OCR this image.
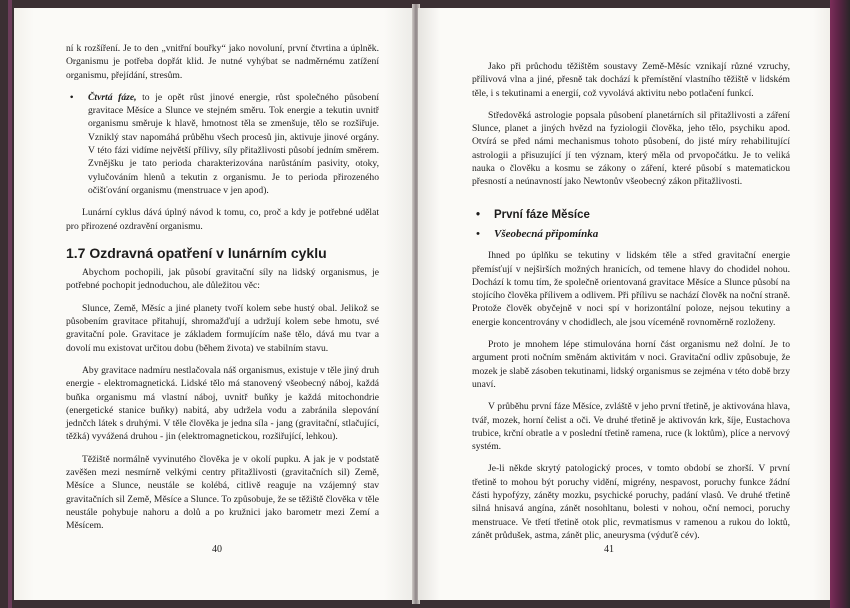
ní k rozšíření. Je to den „vnitřní bouřky“ jako novoluní, první čtvrtina a úplněk. Organismu je potřeba dopřát klid. Je nutné vyhýbat se nadměrnému zatížení organismu, přejídání, stresům.

• Čtvrtá fáze, to je opět růst jinové energie, růst společného působení gravitace Měsíce a Slunce ve stejném směru. Tok energie a tekutin uvnitř organismu směruje k hlavě, hmotnost těla se zmenšuje, tělo se rozšiřuje. Vzniklý stav napomáhá průběhu všech procesů jin, aktivuje jinové orgány. V této fázi vidíme největší přílivy, síly přitažlivosti působí jedním směrem. Zvnějšku je tato perioda charakterizována narůstáním pasivity, otoky, vylučováním hlenů a tekutin z organismu. Je to perioda přirozeného očišťování organismu (menstruace v jen apod).

Lunární cyklus dává úplný návod k tomu, co, proč a kdy je potřebné udělat pro přirozené ozdravění organismu.

1.7 Ozdravná opatření v lunárním cyklu

Abychom pochopili, jak působí gravitační síly na lidský organismus, je potřebné pochopit jednoduchou, ale důležitou věc:

Slunce, Země, Měsíc a jiné planety tvoří kolem sebe hustý obal. Jelikož se působením gravitace přitahují, shromažďují a udržují kolem sebe hmotu, své gravitační pole. Gravitace je základem formujícím naše tělo, dává mu tvar a dovolí mu existovat určitou dobu (během života) ve stabilním stavu.

Aby gravitace nadmíru nestlačovala náš organismus, existuje v těle jiný druh energie - elektromagnetická. Lidské tělo má stanovený všeobecný náboj, každá buňka organismu má vlastní náboj, uvnitř buňky je každá mitochondrie (energetické stanice buňky) nabitá, aby udržela vodu a zabránila slepování jednčch látek s druhými. V těle člověka je jedna síla - jang (gravitační, stlačující, těžká) vyvážená druhou - jin (elektromagnetickou, rozšiřující, lehkou).

Těžiště normálně vyvinutého člověka je v okolí pupku. A jak je v podstatě zavěšen mezi nesmírně velkými centry přitažlivosti (gravitačních sil) Země, Měsíce a Slunce, neustále se kolébá, citlivě reaguje na vzájemný stav gravitačních sil Země, Měsíce a Slunce. To způsobuje, že se těžiště člověka v těle neustále pohybuje nahoru a dolů a po kružnici jako barometr mezi Zemí a Měsícem.

40

Jako při průchodu těžištěm soustavy Země-Měsíc vznikají různé vzruchy, přílivová vlna a jiné, přesně tak dochází k přemístění vlastního těžiště v lidském těle, i s tekutinami a energií, což vyvolává aktivitu nebo potlačení funkcí.

Středověká astrologie popsala působení planetárních sil přitažlivosti a záření Slunce, planet a jiných hvězd na fyziologii člověka, jeho tělo, psychiku apod. Otvírá se před námi mechanismus tohoto působení, do jisté míry rehabilitující astrologii a přisuzující jí ten význam, který měla od prvopočátku. Je to veliká nauka o člověku a kosmu se zákony o záření, které působí s matematickou přesností a neúnavností jako Newtonův všeobecný zákon přitažlivosti.

• První fáze Měsíce
• Všeobecná připomínka

Ihned po úplňku se tekutiny v lidském těle a střed gravitační energie přemísťují v nejširších možných hranicích, od temene hlavy do chodidel nohou. Dochází k tomu tím, že společně orientovaná gravitace Měsíce a Slunce působí na stojícího člověka přílivem a odlivem. Při přílivu se nachází člověk na noční straně. Protože člověk obyčejně v noci spí v horizontální poloze, nejsou tekutiny a energie koncentrovány v chodidlech, ale jsou víceméně rovnoměrně rozloženy.

Proto je mnohem lépe stimulována horní část organismu než dolní. Je to argument proti nočním směnám aktivitám v noci. Gravitační odliv způsobuje, že mozek je slabě zásoben tekutinami, lidský organismus se zejména v této době brzy unaví.

V průběhu první fáze Měsíce, zvláště v jeho první třetině, je aktivována hlava, tvář, mozek, horní čelist a oči. Ve druhé třetině je aktivován krk, šíje, Eustachova trubice, krční obratle a v poslední třetině ramena, ruce (k loktům), plíce a nervový systém.

Je-li někde skrytý patologický proces, v tomto období se zhorší. V první třetině to mohou být poruchy vidění, migrény, nespavost, poruchy funkce žádní části hypofýzy, záněty mozku, psychické poruchy, padání vlasů. Ve druhé třetině silná hnisavá angína, zánět nosohltanu, bolesti v nohou, oční nemoci, poruchy menstruace. Ve třetí třetině otok plic, revmatismus v ramenou a rukou do loktů, zánět průdušek, astma, zánět plic, aneurysma (výduťě cév).

41
